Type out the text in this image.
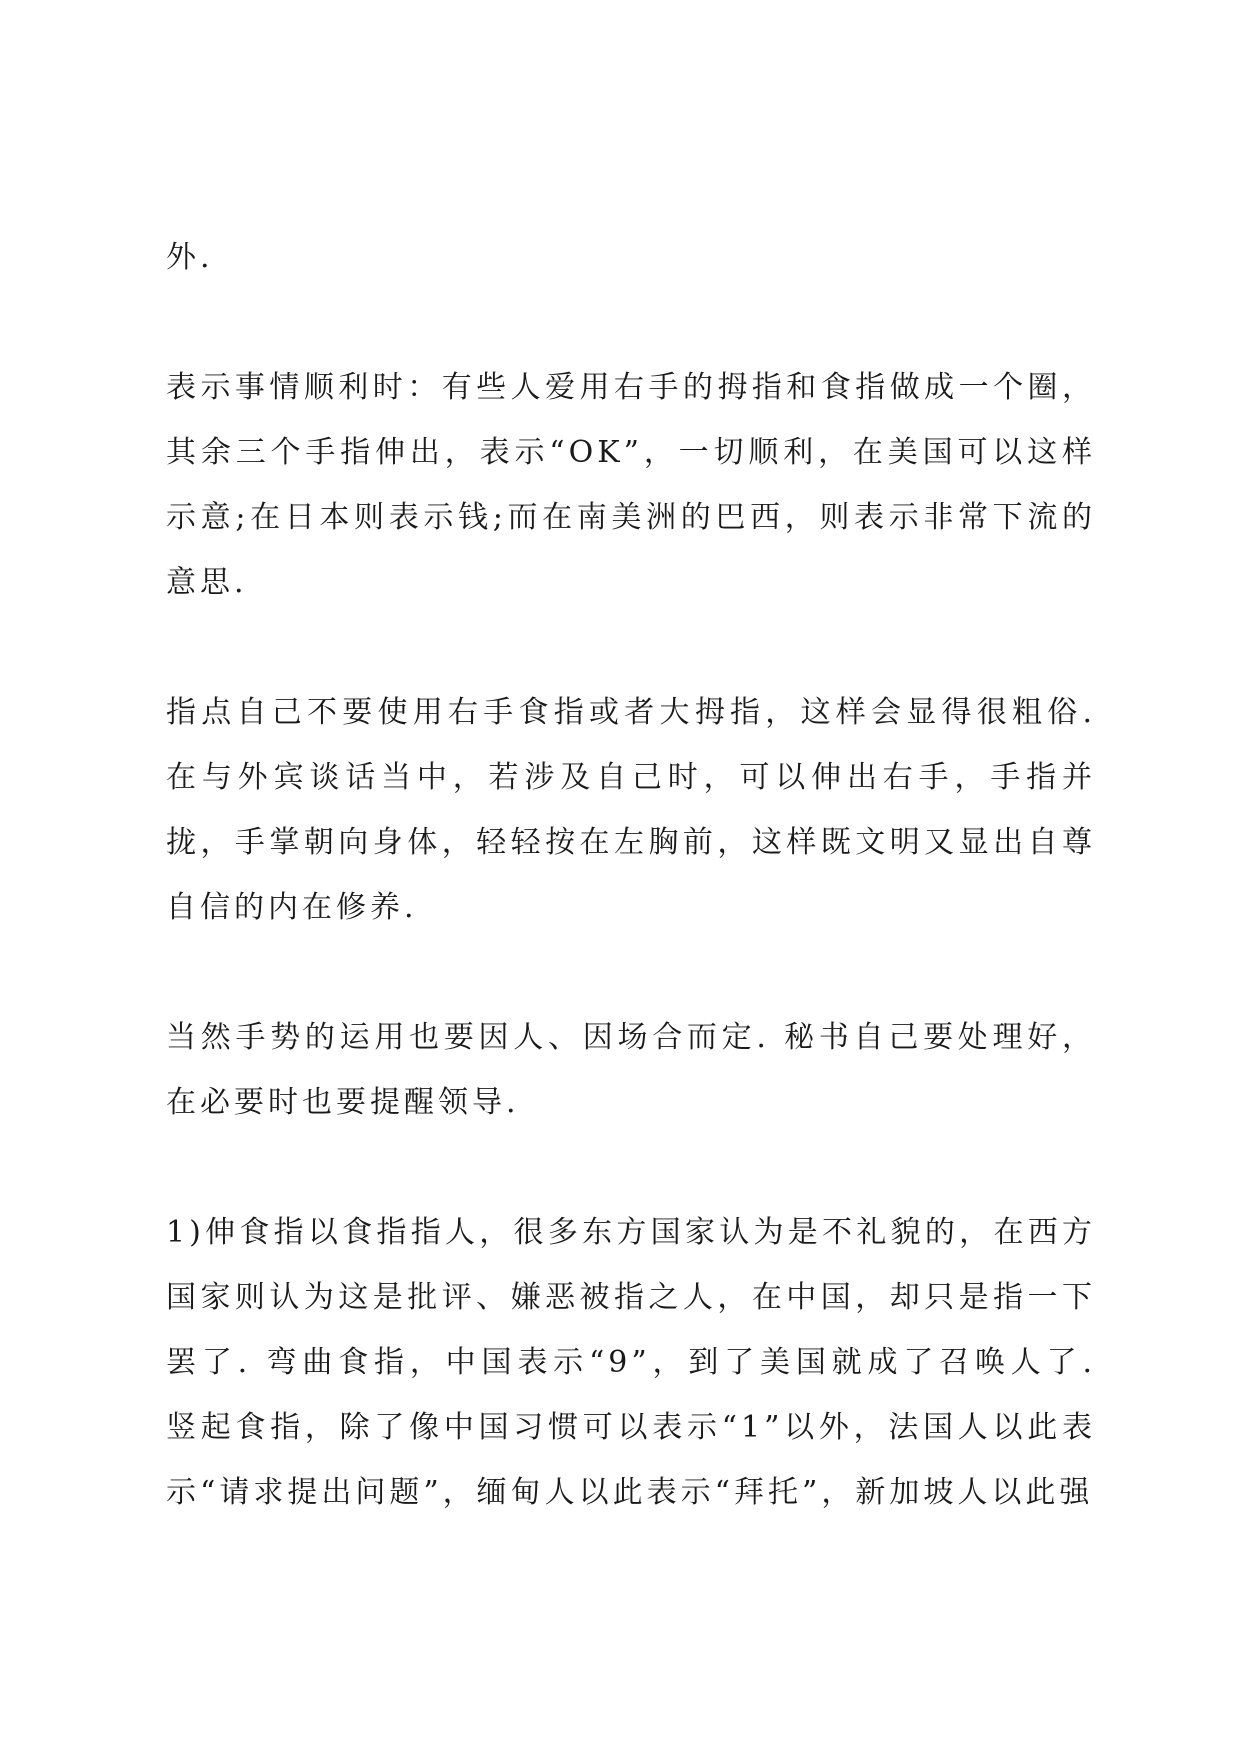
外.

表示事情顺利时：有些人爱用右手的拇指和食指做成一个圈，其余三个手指伸出，表示“OK”，一切顺利，在美国可以这样示意;在日本则表示钱;而在南美洲的巴西，则表示非常下流的意思.

指点自己不要使用右手食指或者大拇指，这样会显得很粗俗. 在与外宾谈话当中，若涉及自己时，可以伸出右手，手指并拢，手掌朝向身体，轻轻按在左胸前，这样既文明又显出自尊自信的内在修养.

当然手势的运用也要因人、因场合而定. 秘书自己要处理好，在必要时也要提醒领导.

1)伸食指以食指指人，很多东方国家认为是不礼貌的，在西方国家则认为这是批评、嫌恶被指之人，在中国，却只是指一下罢了. 弯曲食指，中国表示“9”，到了美国就成了召唤人了. 竖起食指，除了像中国习惯可以表示“1”以外，法国人以此表示“请求提出问题”，缅甸人以此表示“拜托”，新加坡人以此强
